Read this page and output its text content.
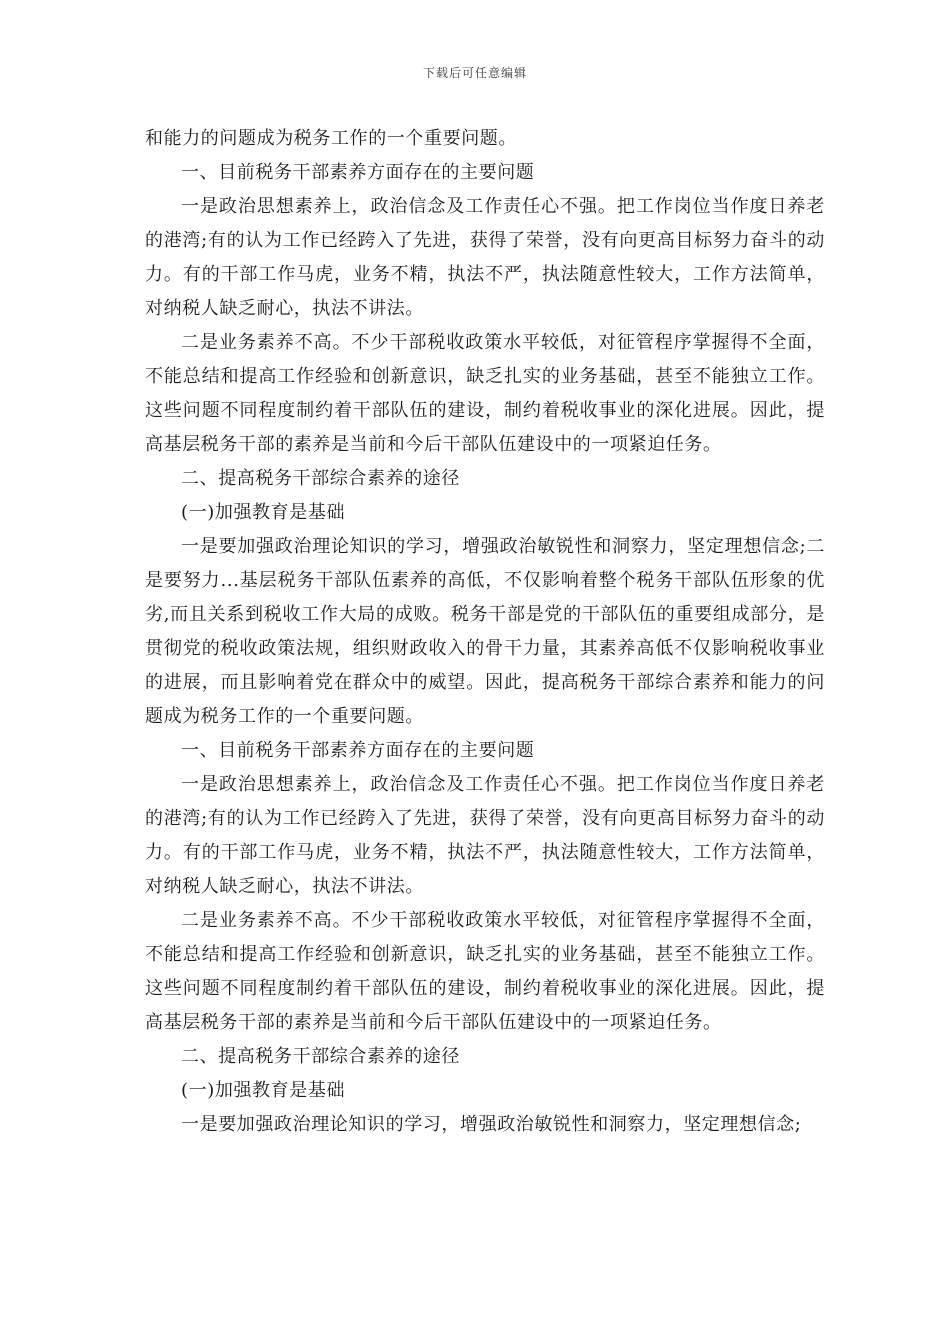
下载后可任意编辑

和能力的问题成为税务工作的一个重要问题。

一、目前税务干部素养方面存在的主要问题

一是政治思想素养上，政治信念及工作责任心不强。把工作岗位当作度日养老的港湾;有的认为工作已经跨入了先进，获得了荣誉，没有向更高目标努力奋斗的动力。有的干部工作马虎，业务不精，执法不严，执法随意性较大，工作方法简单，对纳税人缺乏耐心，执法不讲法。

二是业务素养不高。不少干部税收政策水平较低，对征管程序掌握得不全面，不能总结和提高工作经验和创新意识，缺乏扎实的业务基础，甚至不能独立工作。这些问题不同程度制约着干部队伍的建设，制约着税收事业的深化进展。因此，提高基层税务干部的素养是当前和今后干部队伍建设中的一项紧迫任务。

二、提高税务干部综合素养的途径

(一)加强教育是基础

一是要加强政治理论知识的学习，增强政治敏锐性和洞察力，坚定理想信念;二是要努力...基层税务干部队伍素养的高低，不仅影响着整个税务干部队伍形象的优劣,而且关系到税收工作大局的成败。税务干部是党的干部队伍的重要组成部分，是贯彻党的税收政策法规，组织财政收入的骨干力量，其素养高低不仅影响税收事业的进展，而且影响着党在群众中的威望。因此，提高税务干部综合素养和能力的问题成为税务工作的一个重要问题。

一、目前税务干部素养方面存在的主要问题

一是政治思想素养上，政治信念及工作责任心不强。把工作岗位当作度日养老的港湾;有的认为工作已经跨入了先进，获得了荣誉，没有向更高目标努力奋斗的动力。有的干部工作马虎，业务不精，执法不严，执法随意性较大，工作方法简单，对纳税人缺乏耐心，执法不讲法。

二是业务素养不高。不少干部税收政策水平较低，对征管程序掌握得不全面，不能总结和提高工作经验和创新意识，缺乏扎实的业务基础，甚至不能独立工作。这些问题不同程度制约着干部队伍的建设，制约着税收事业的深化进展。因此，提高基层税务干部的素养是当前和今后干部队伍建设中的一项紧迫任务。

二、提高税务干部综合素养的途径

(一)加强教育是基础

一是要加强政治理论知识的学习，增强政治敏锐性和洞察力，坚定理想信念;
